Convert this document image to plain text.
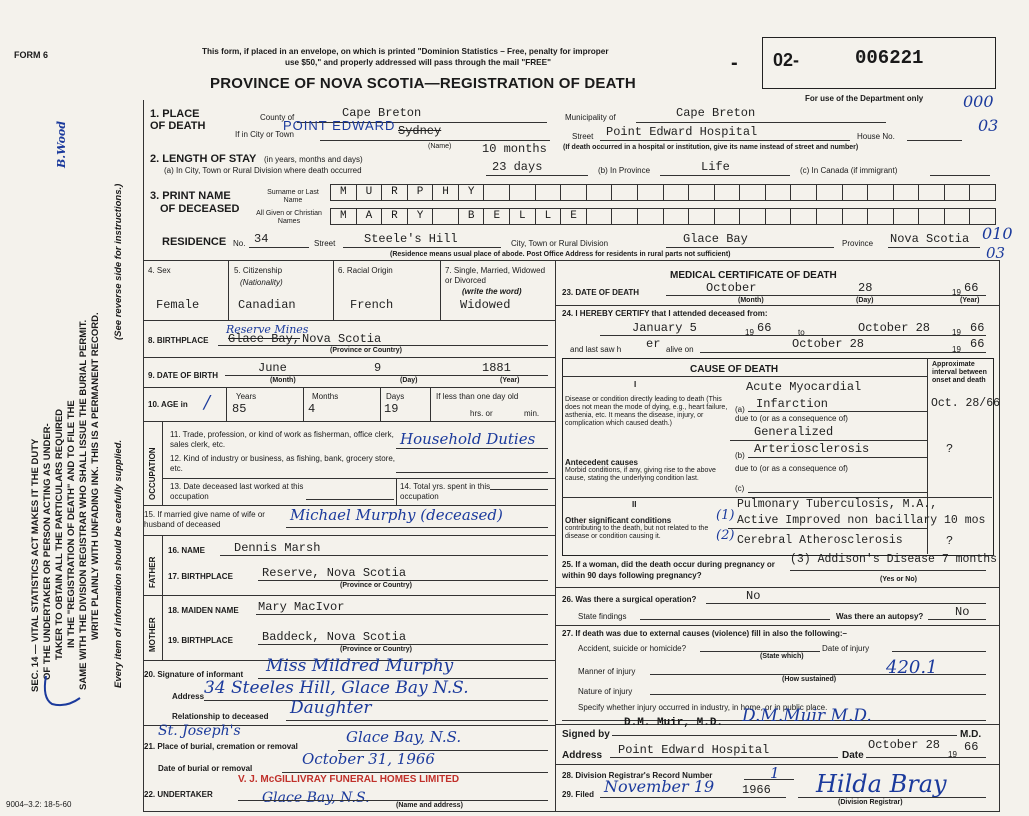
FORM 6	This form, if placed in an envelope, on which is printed "Dominion Statistics – Free, penalty for improper
use $50," and properly addressed will pass through the mail "FREE"
PROVINCE OF NOVA SCOTIA—REGISTRATION OF DEATH
- 02-	006221
For use of the Department only 000
03
SEC. 14 — VITAL STATISTICS ACT MAKES IT THE DUTY OF THE UNDERTAKER OR PERSON ACTING AS UNDER- TAKER TO OBTAIN ALL THE PARTICULARS REQUIRED IN THE "REGISTRATION OF DEATH" AND TO FILE THE SAME WITH THE DIVISION REGISTRAR WHO SHALL ISSUE THE BURIAL PERMIT. WRITE PLAINLY WITH UNFADING INK. THIS IS A PERMANENT RECORD. Every item of information should be carefully supplied.
(See reverse side for instructions.)
B.Wood
1. PLACE OF DEATH
County of	Cape Breton	Municipality of	Cape Breton
If in City or Town
POINT EDWARD Sydney
(Name)
Street Point Edward Hospital	House No.
(If death occurred in a hospital or institution, give its name instead of street and number)
2. LENGTH OF STAY (in years, months and days)
10 months
(a) In City, Town or Rural Division where death occurred	23 days	(b) In Province	Life	(c) In Canada (if immigrant)
3. PRINT NAME
OF DECEASED
Surname or Last Name
All Given or Christian Names
M	U	R	P	H	Y
M	A	R	Y	B	E	L	L	E
RESIDENCE No. 34	Street Steele's Hill	City, Town or Rural Division	Glace Bay	Province Nova Scotia 010
03
(Residence means usual place of abode. Post Office Address for residents in rural parts not sufficient)
4. Sex
Female
5. Citizenship
(Nationality)
Canadian
6. Racial Origin
French
7. Single, Married, Widowed or Divorced
(write the word)
Widowed
8. BIRTHPLACE
Reserve Mines
Glace Bay, Nova Scotia
(Province or Country)
9. DATE OF BIRTH
June	9	1881
(Month)	(Day)	(Year)
10. AGE in /	Years	Months	Days
85	4	19
If less than one day old
hrs. or	min.
OCCUPATION
11. Trade, profession, or kind of work as fisherman, office clerk, sales clerk, etc.	Household Duties
12. Kind of industry or business, as fishing, bank, grocery store, etc.
13. Date deceased last worked at this occupation
14. Total yrs. spent in this occupation
15. If married give name of wife or husband of deceased
Michael Murphy (deceased)
FATHER
16. NAME Dennis Marsh
17. BIRTHPLACE Reserve, Nova Scotia
(Province or Country)
MOTHER
18. MAIDEN NAME Mary MacIvor
19. BIRTHPLACE Baddeck, Nova Scotia
(Province or Country)
20. Signature of informant Miss Mildred Murphy
Address 34 Steeles Hill, Glace Bay N.S.
Relationship to deceased Daughter
St. Joseph's
21. Place of burial, cremation or removal
Glace Bay, N.S.
Date of burial or removal
October 31, 1966
22. UNDERTAKER
V. J. McGILLIVRAY FUNERAL HOMES LIMITED
Glace Bay, N.S.	(Name and address)
MEDICAL CERTIFICATE OF DEATH
23. DATE OF DEATH	October	28	19 66
(Month)	(Day)	(Year)
24. I HEREBY CERTIFY that I attended deceased from:
January 5	19 66	to	October 28	19 66
and last saw h er alive on	October 28	19 66
CAUSE OF DEATH	Approximate interval between onset and death
I
Disease or condition directly leading to death (This does not mean the mode of dying, e.g., heart failure, asthenia, etc. It means the disease, injury, or complication which caused death.)
Acute Myocardial
(a) Infarction	Oct. 28/66
due to (or as a consequence of)
Generalized
(b) Arteriosclerosis	?
Antecedent causes
Morbid conditions, if any, giving rise to the above cause, stating the underlying condition last.
due to (or as a consequence of)
(c)
II
Other significant conditions
contributing to the death, but not related to the disease or condition causing it.
Pulmonary Tuberculosis, M.A.,
(1) Active Improved non bacillary 10 mos
(2) Cerebral Atherosclerosis	?
(3) Addison's Disease 7 months
25. If a woman, did the death occur during pregnancy or within 90 days following pregnancy?	(Yes or No)
26. Was there a surgical operation?	No
State findings	Was there an autopsy?	No
27. If death was due to external causes (violence) fill in also the following:–
Accident, suicide or homicide?	Date of injury
(State which)
Manner of injury	420.1
(How sustained)
Nature of injury
Specify whether injury occurred in industry, in home, or in public place.
Signed by
D.M. Muir, M.D. D.M.Muir M.D.
M.D.
Address Point Edward Hospital	Date
October 28
19
66
28. Division Registrar's Record Number	1
29. Filed November 19 1966 Hilda Bray
(Division Registrar)
9004–3.2: 18-5-60
